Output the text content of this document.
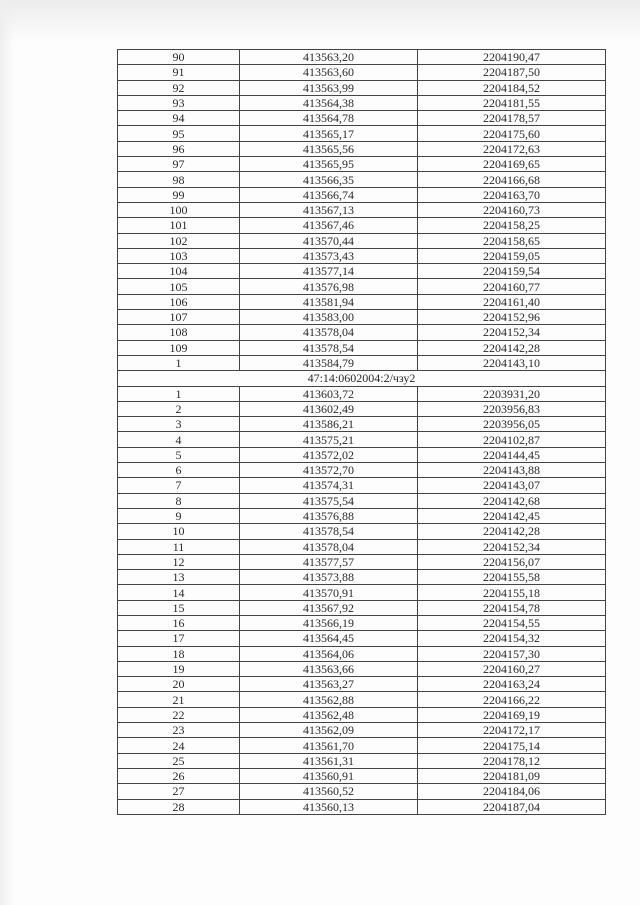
90	413563,20	2204190,47
91	413563,60	2204187,50
92	413563,99	2204184,52
93	413564,38	2204181,55
94	413564,78	2204178,57
95	413565,17	2204175,60
96	413565,56	2204172,63
97	413565,95	2204169,65
98	413566,35	2204166,68
99	413566,74	2204163,70
100	413567,13	2204160,73
101	413567,46	2204158,25
102	413570,44	2204158,65
103	413573,43	2204159,05
104	413577,14	2204159,54
105	413576,98	2204160,77
106	413581,94	2204161,40
107	413583,00	2204152,96
108	413578,04	2204152,34
109	413578,54	2204142,28
1	413584,79	2204143,10
47:14:0602004:2/чзу2		
1	413603,72	2203931,20
2	413602,49	2203956,83
3	413586,21	2203956,05
4	413575,21	2204102,87
5	413572,02	2204144,45
6	413572,70	2204143,88
7	413574,31	2204143,07
8	413575,54	2204142,68
9	413576,88	2204142,45
10	413578,54	2204142,28
11	413578,04	2204152,34
12	413577,57	2204156,07
13	413573,88	2204155,58
14	413570,91	2204155,18
15	413567,92	2204154,78
16	413566,19	2204154,55
17	413564,45	2204154,32
18	413564,06	2204157,30
19	413563,66	2204160,27
20	413563,27	2204163,24
21	413562,88	2204166,22
22	413562,48	2204169,19
23	413562,09	2204172,17
24	413561,70	2204175,14
25	413561,31	2204178,12
26	413560,91	2204181,09
27	413560,52	2204184,06
28	413560,13	2204187,04
